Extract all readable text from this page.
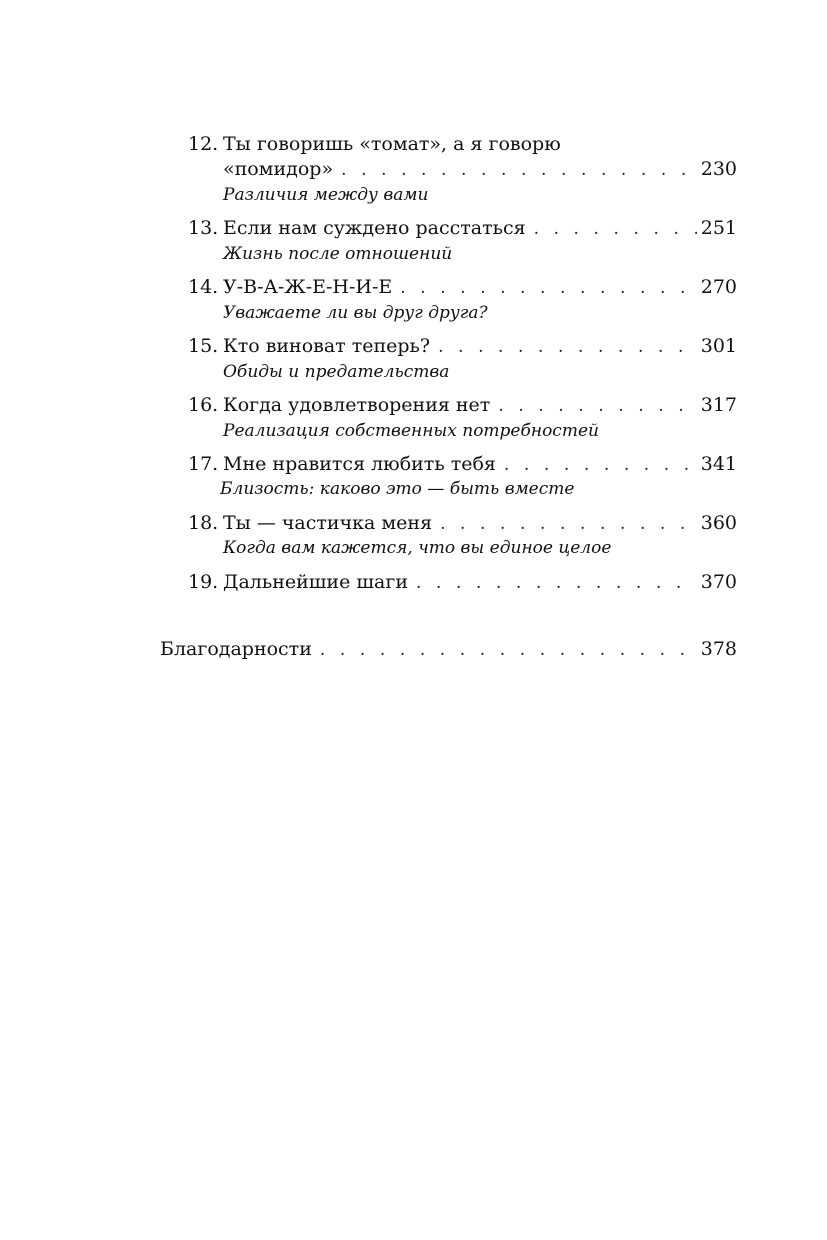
12. Ты говоришь «томат», а я говорю
«помидор» . . .	230
Различия между вами
13. Если нам суждено расстаться . . .	251
Жизнь после отношений
14. У-В-А-Ж-Е-Н-И-Е . . .	270
Уважаете ли вы друг друга?
15. Кто виноват теперь? . . .	301
Обиды и предательства
16. Когда удовлетворения нет . . .	317
Реализация собственных потребностей
17. Мне нравится любить тебя . . .	341
Близость: каково это — быть вместе
18. Ты — частичка меня . . .	360
Когда вам кажется, что вы единое целое
19. Дальнейшие шаги . . .	370
Благодарности . . .	378
